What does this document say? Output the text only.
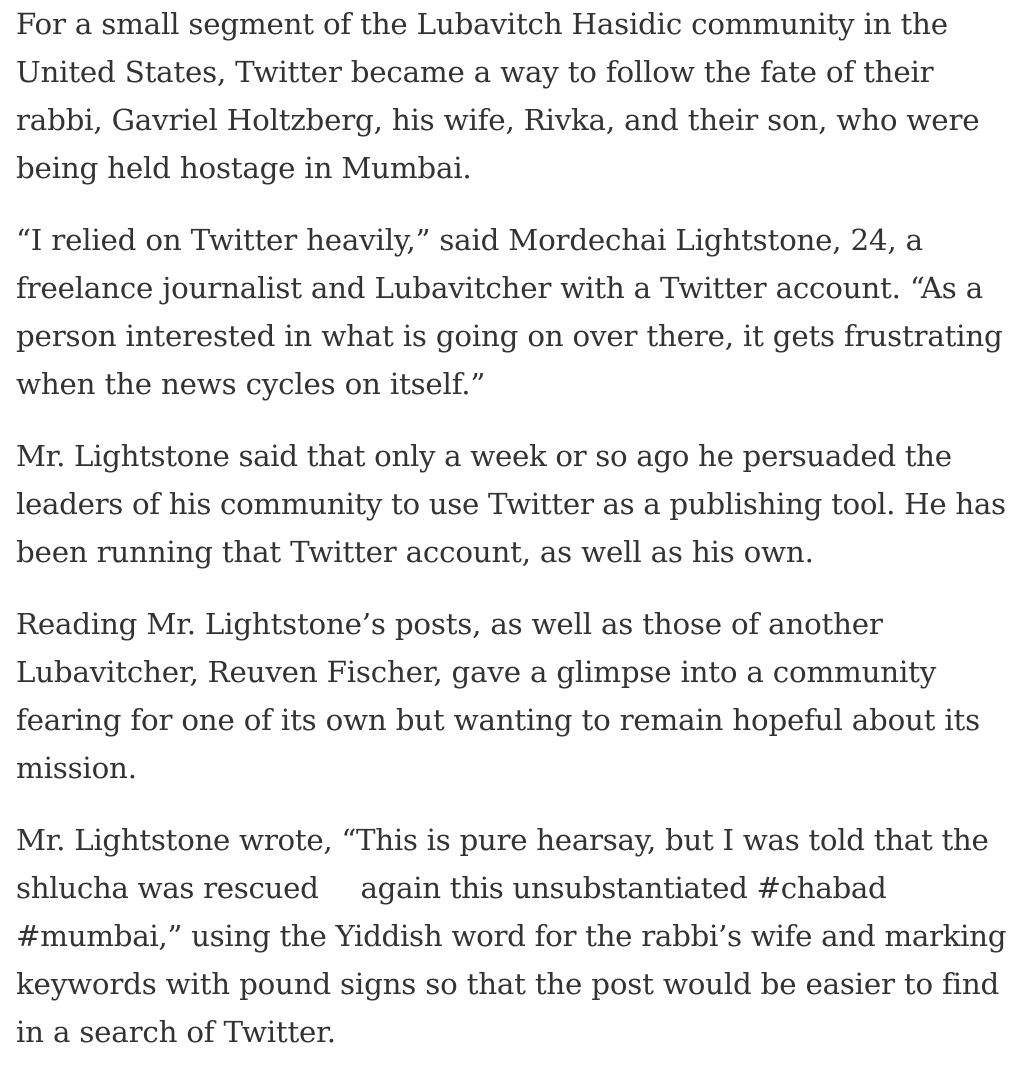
For a small segment of the Lubavitch Hasidic community in the
United States, Twitter became a way to follow the fate of their
rabbi, Gavriel Holtzberg, his wife, Rivka, and their son, who were
being held hostage in Mumbai.

“I relied on Twitter heavily,” said Mordechai Lightstone, 24, a
freelance journalist and Lubavitcher with a Twitter account. “As a
person interested in what is going on over there, it gets frustrating
when the news cycles on itself.”

Mr. Lightstone said that only a week or so ago he persuaded the
leaders of his community to use Twitter as a publishing tool. He has
been running that Twitter account, as well as his own.

Reading Mr. Lightstone’s posts, as well as those of another
Lubavitcher, Reuven Fischer, gave a glimpse into a community
fearing for one of its own but wanting to remain hopeful about its
mission.

Mr. Lightstone wrote, “This is pure hearsay, but I was told that the
shlucha was rescued again this unsubstantiated #chabad
#mumbai,” using the Yiddish word for the rabbi’s wife and marking
keywords with pound signs so that the post would be easier to find
in a search of Twitter.
